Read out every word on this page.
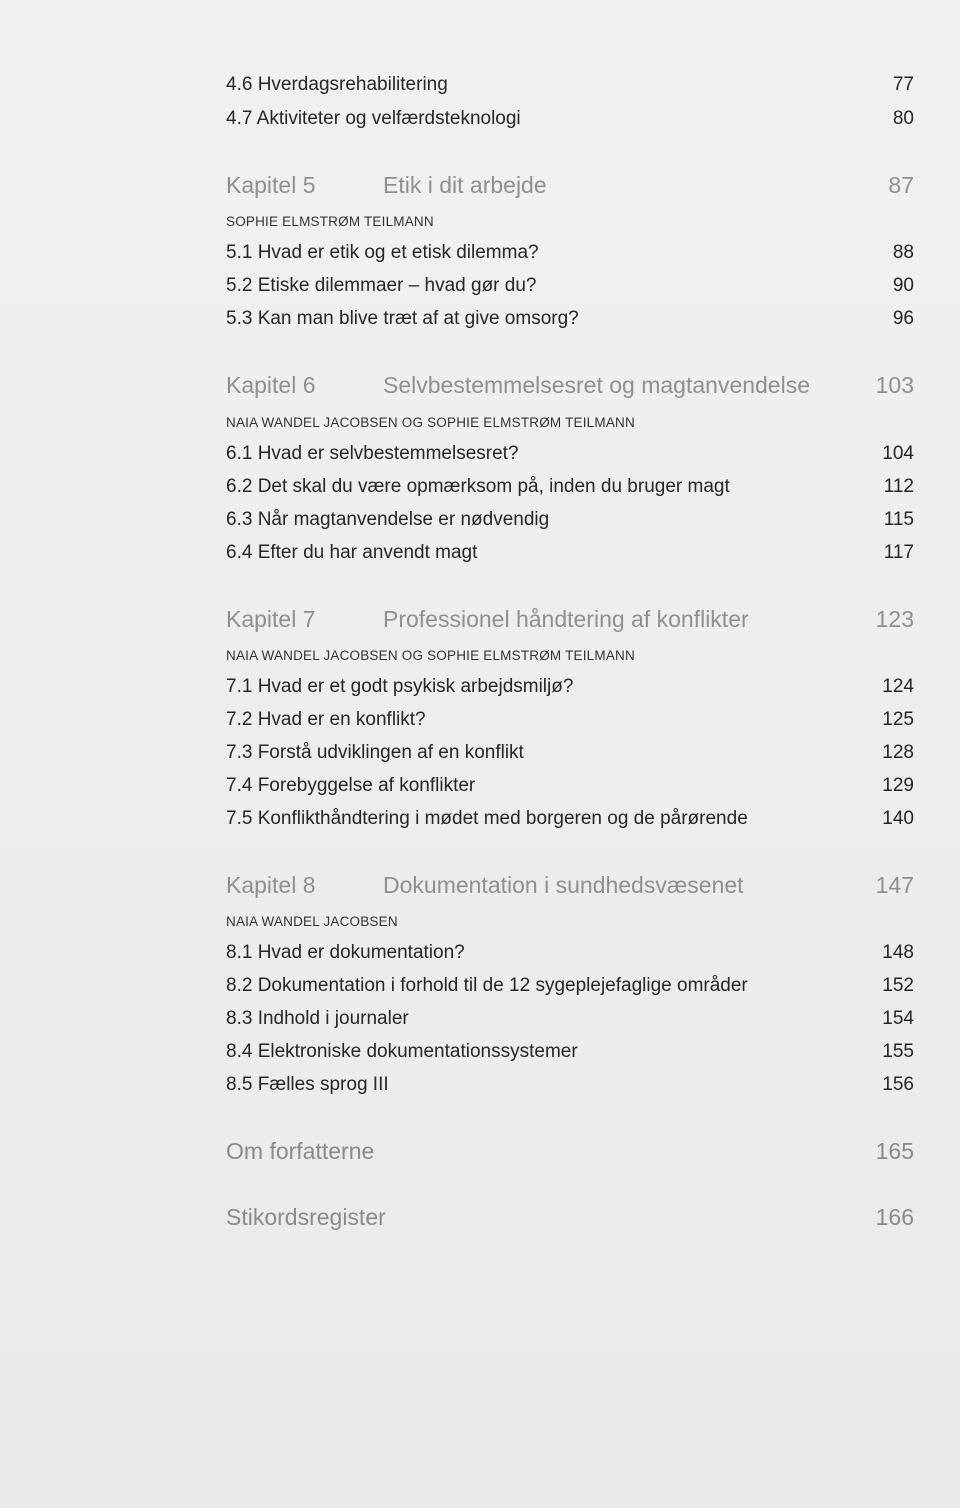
4.6 Hverdagsrehabilitering	77
4.7 Aktiviteter og velfærdsteknologi	80
Kapitel 5	Etik i dit arbejde	87
SOPHIE ELMSTRØM TEILMANN
5.1 Hvad er etik og et etisk dilemma?	88
5.2 Etiske dilemmaer – hvad gør du?	90
5.3 Kan man blive træt af at give omsorg?	96
Kapitel 6	Selvbestemmelsesret og magtanvendelse	103
NAIA WANDEL JACOBSEN OG SOPHIE ELMSTRØM TEILMANN
6.1 Hvad er selvbestemmelsesret?	104
6.2 Det skal du være opmærksom på, inden du bruger magt	112
6.3 Når magtanvendelse er nødvendig	115
6.4 Efter du har anvendt magt	117
Kapitel 7	Professionel håndtering af konflikter	123
NAIA WANDEL JACOBSEN OG SOPHIE ELMSTRØM TEILMANN
7.1 Hvad er et godt psykisk arbejdsmiljø?	124
7.2 Hvad er en konflikt?	125
7.3 Forstå udviklingen af en konflikt	128
7.4 Forebyggelse af konflikter	129
7.5 Konflikthåndtering i mødet med borgeren og de pårørende	140
Kapitel 8	Dokumentation i sundhedsvæsenet	147
NAIA WANDEL JACOBSEN
8.1 Hvad er dokumentation?	148
8.2 Dokumentation i forhold til de 12 sygeplejefaglige områder	152
8.3 Indhold i journaler	154
8.4 Elektroniske dokumentationssystemer	155
8.5 Fælles sprog III	156
Om forfatterne	165
Stikordsregister	166
